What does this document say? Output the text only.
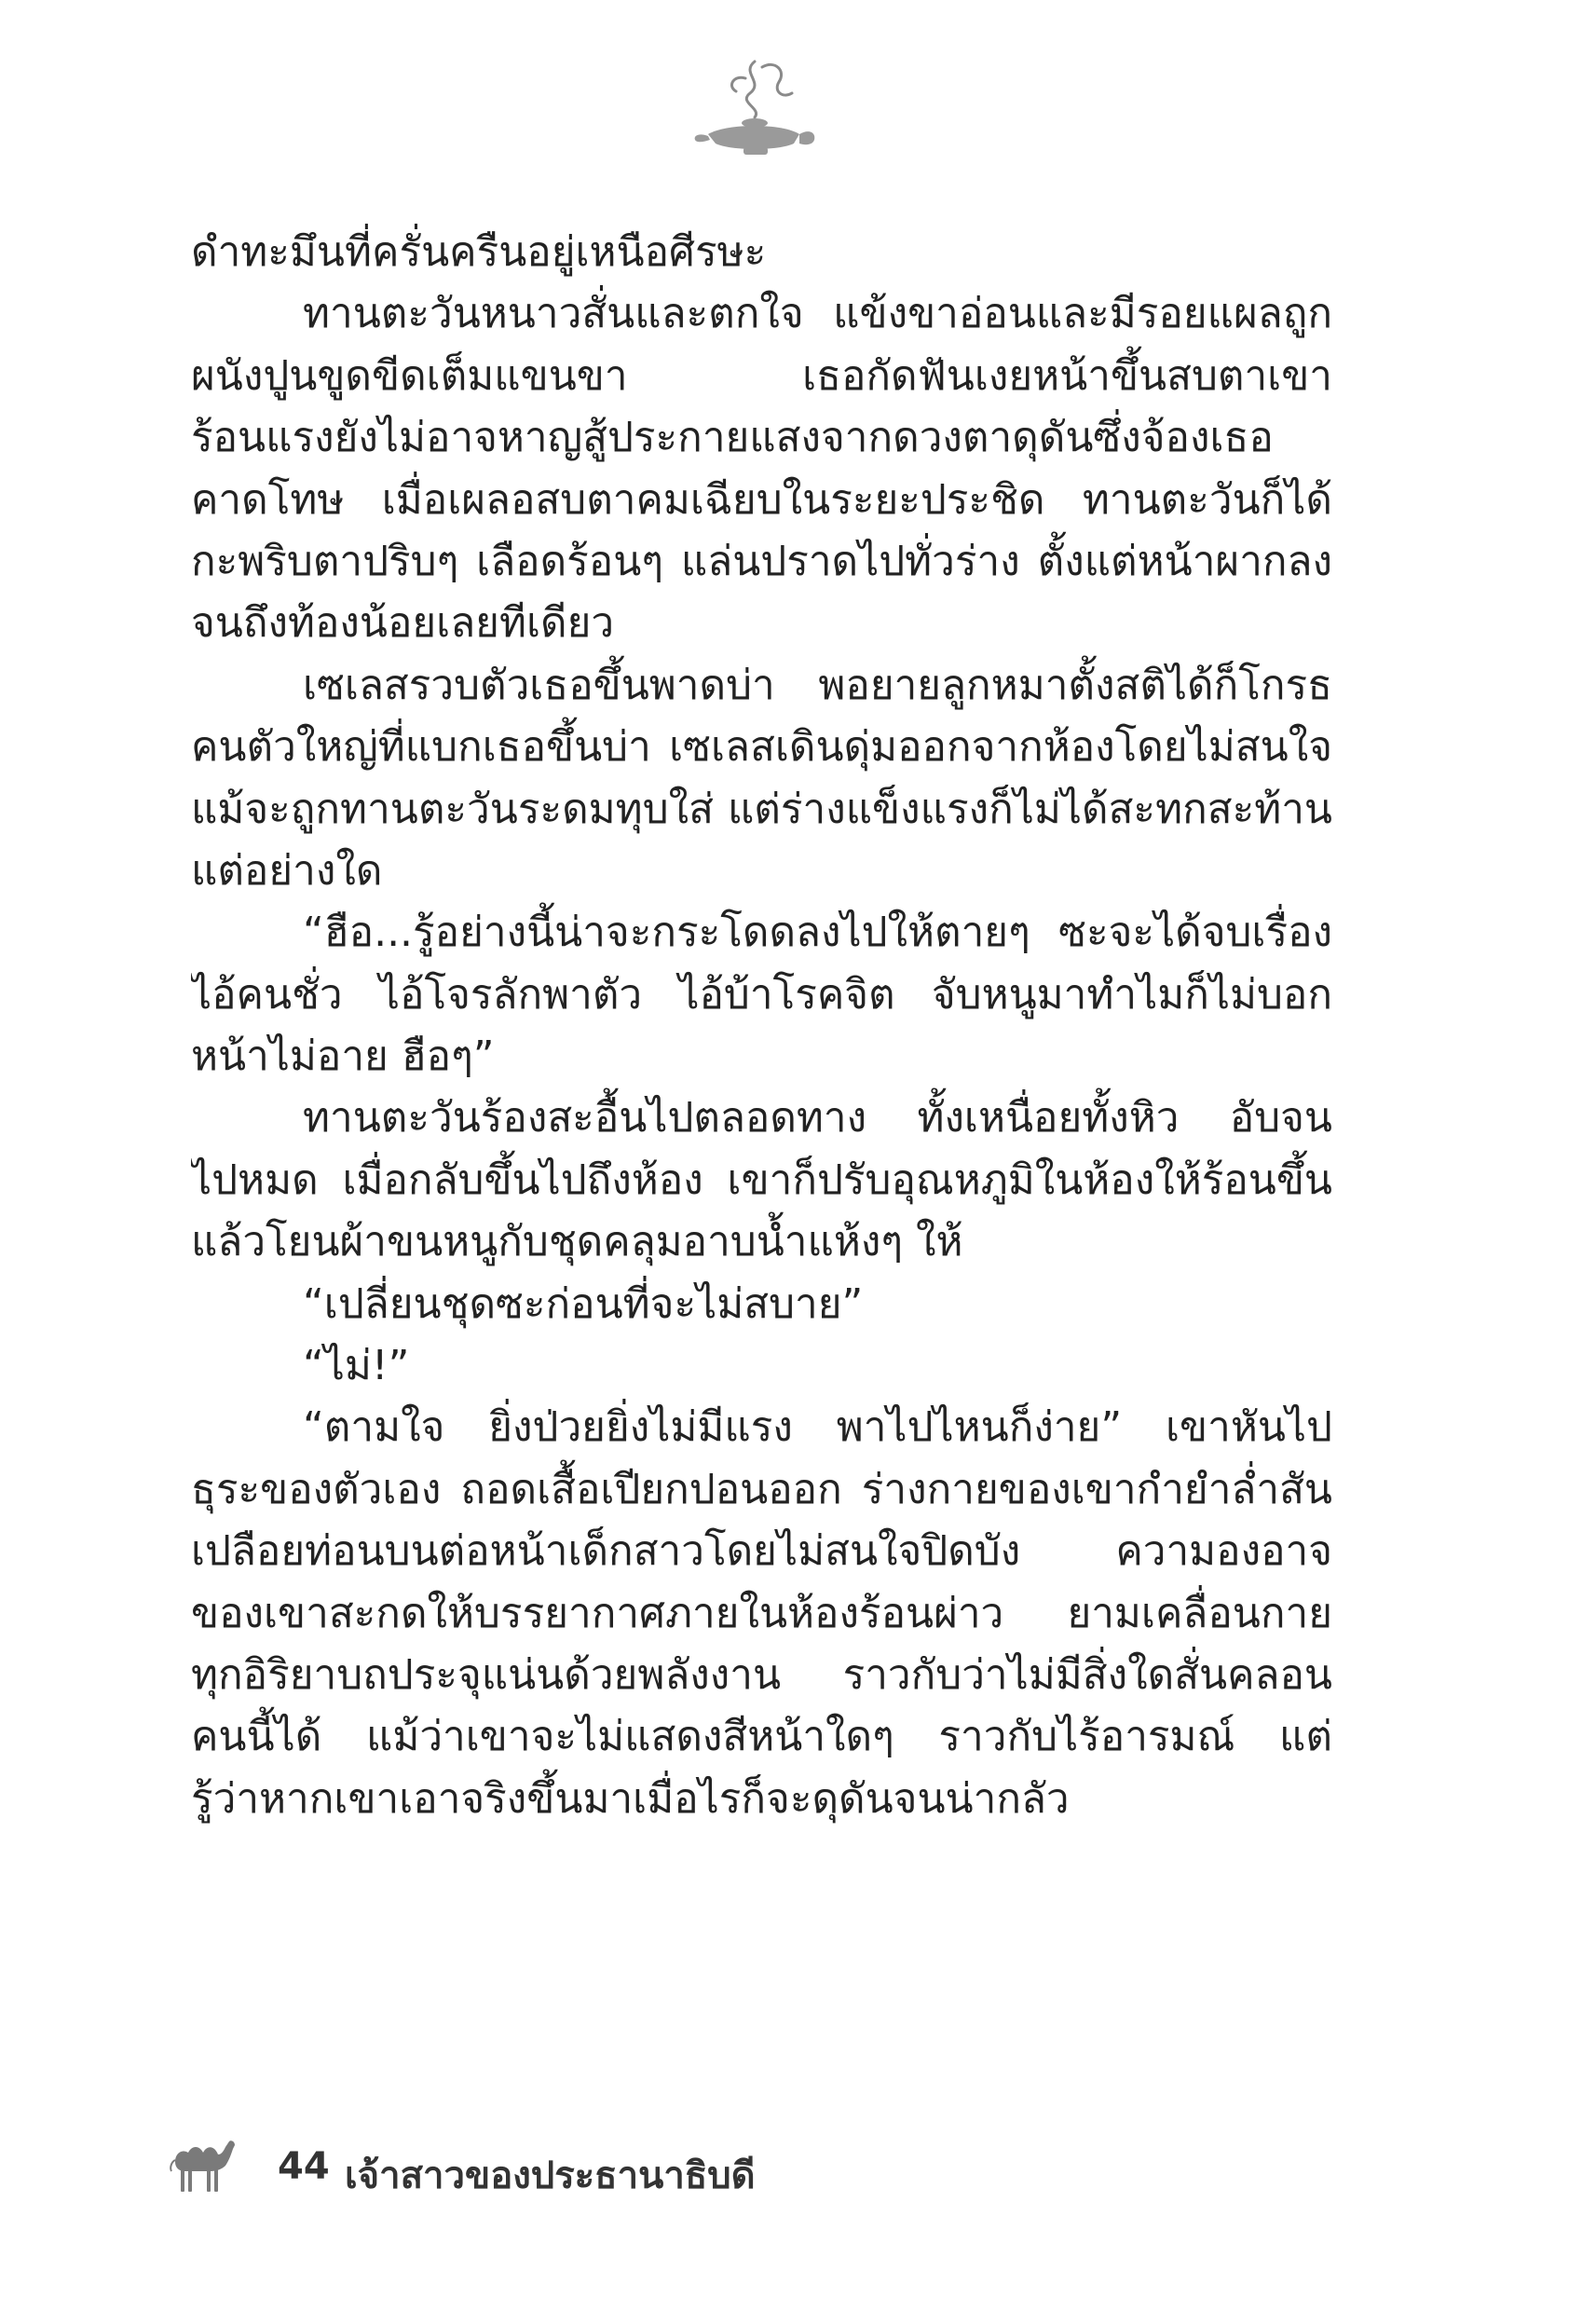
ดำทะมึนที่ครั่นครืนอยู่เหนือศีรษะ
ทานตะวันหนาวสั่นและตกใจ แข้งขาอ่อนและมีรอยแผลถูก
ผนังปูนขูดขีดเต็มแขนขา เธอกัดฟันเงยหน้าขึ้นสบตาเขา
ร้อนแรงยังไม่อาจหาญสู้ประกายแสงจากดวงตาดุดันซึ่งจ้องเธอ
คาดโทษ เมื่อเผลอสบตาคมเฉียบในระยะประชิด ทานตะวันก็ได้
กะพริบตาปริบๆ เลือดร้อนๆ แล่นปราดไปทั่วร่าง ตั้งแต่หน้าผากลง
จนถึงท้องน้อยเลยทีเดียว
เซเลสรวบตัวเธอขึ้นพาดบ่า พอยายลูกหมาตั้งสติได้ก็โกรธ
คนตัวใหญ่ที่แบกเธอขึ้นบ่า เซเลสเดินดุ่มออกจากห้องโดยไม่สนใจ
แม้จะถูกทานตะวันระดมทุบใส่ แต่ร่างแข็งแรงก็ไม่ได้สะทกสะท้าน
แต่อย่างใด
“ฮือ...รู้อย่างนี้น่าจะกระโดดลงไปให้ตายๆ ซะจะได้จบเรื่อง
ไอ้คนชั่ว ไอ้โจรลักพาตัว ไอ้บ้าโรคจิต จับหนูมาทำไมก็ไม่บอก
หน้าไม่อาย ฮือๆ”
ทานตะวันร้องสะอื้นไปตลอดทาง ทั้งเหนื่อยทั้งหิว อับจน
ไปหมด เมื่อกลับขึ้นไปถึงห้อง เขาก็ปรับอุณหภูมิในห้องให้ร้อนขึ้น
แล้วโยนผ้าขนหนูกับชุดคลุมอาบน้ำแห้งๆ ให้
“เปลี่ยนชุดซะก่อนที่จะไม่สบาย”
“ไม่!”
“ตามใจ ยิ่งป่วยยิ่งไม่มีแรง พาไปไหนก็ง่าย” เขาหันไป
ธุระของตัวเอง ถอดเสื้อเปียกปอนออก ร่างกายของเขากำยำล่ำสัน
เปลือยท่อนบนต่อหน้าเด็กสาวโดยไม่สนใจปิดบัง ความองอาจ
ของเขาสะกดให้บรรยากาศภายในห้องร้อนผ่าว ยามเคลื่อนกาย
ทุกอิริยาบถประจุแน่นด้วยพลังงาน ราวกับว่าไม่มีสิ่งใดสั่นคลอน
คนนี้ได้ แม้ว่าเขาจะไม่แสดงสีหน้าใดๆ ราวกับไร้อารมณ์ แต่
รู้ว่าหากเขาเอาจริงขึ้นมาเมื่อไรก็จะดุดันจนน่ากลัว
44 เจ้าสาวของประธานาธิบดี
